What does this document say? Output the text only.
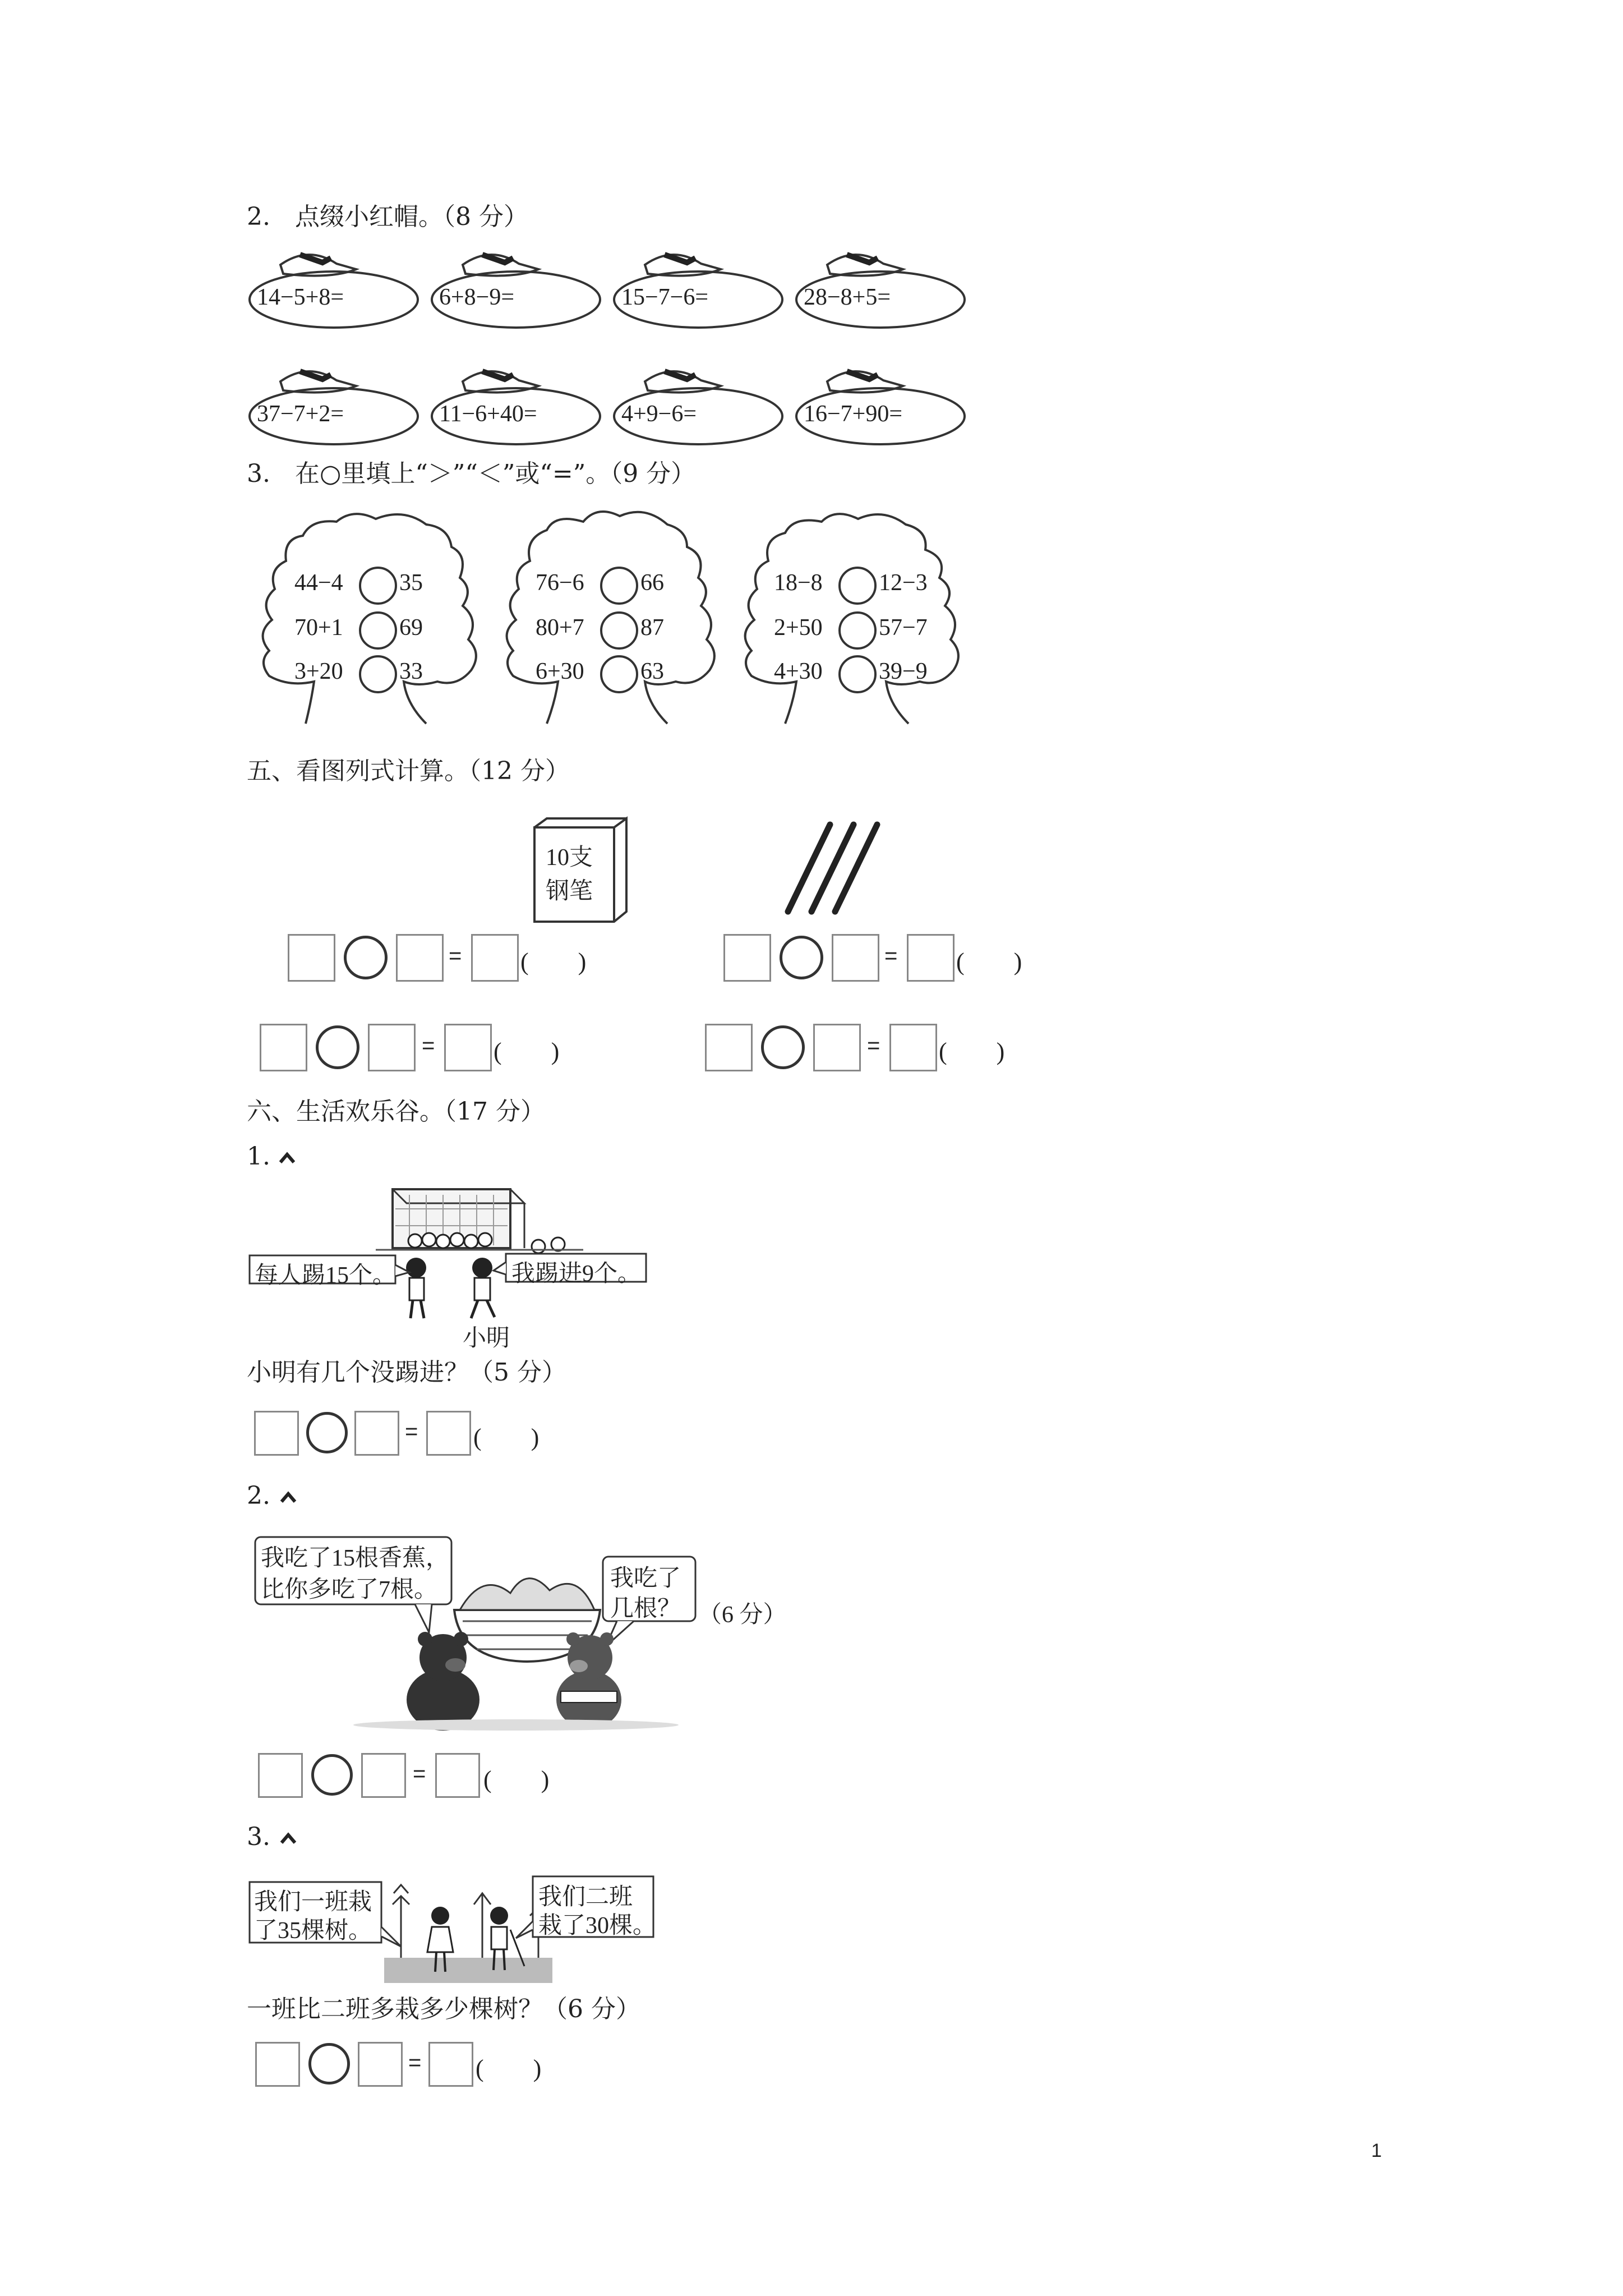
2.　点缀小红帽。（8 分）
14−5+8=	6+8−9=	15−7−6=	28−8+5=
37−7+2=	11−6+40=	4+9−6=	16−7+90=
3.　在○里填上“＞”“＜”或“=”。（9 分）
44−4 35
70+1 69
3+20 33
76−6 66
80+7 87
6+30 63
18−8 12−3
2+50 57−7
4+30 39−9
五、看图列式计算。（12 分）
10支
钢笔
= (　　)	= (　　)
= (　　)	= (　　)
六、生活欢乐谷。（17 分）
1.
每人踢15个。	我踢进9个。
小明
小明有几个没踢进？（5 分）
= (　　)
2.
我吃了15根香蕉，
比你多吃了7根。	我吃了
几根？ （6 分）
= (　　)
3.
我们一班栽
了35棵树。
我们二班
栽了30棵。
一班比二班多栽多少棵树？（6 分）
= (　　)
1
